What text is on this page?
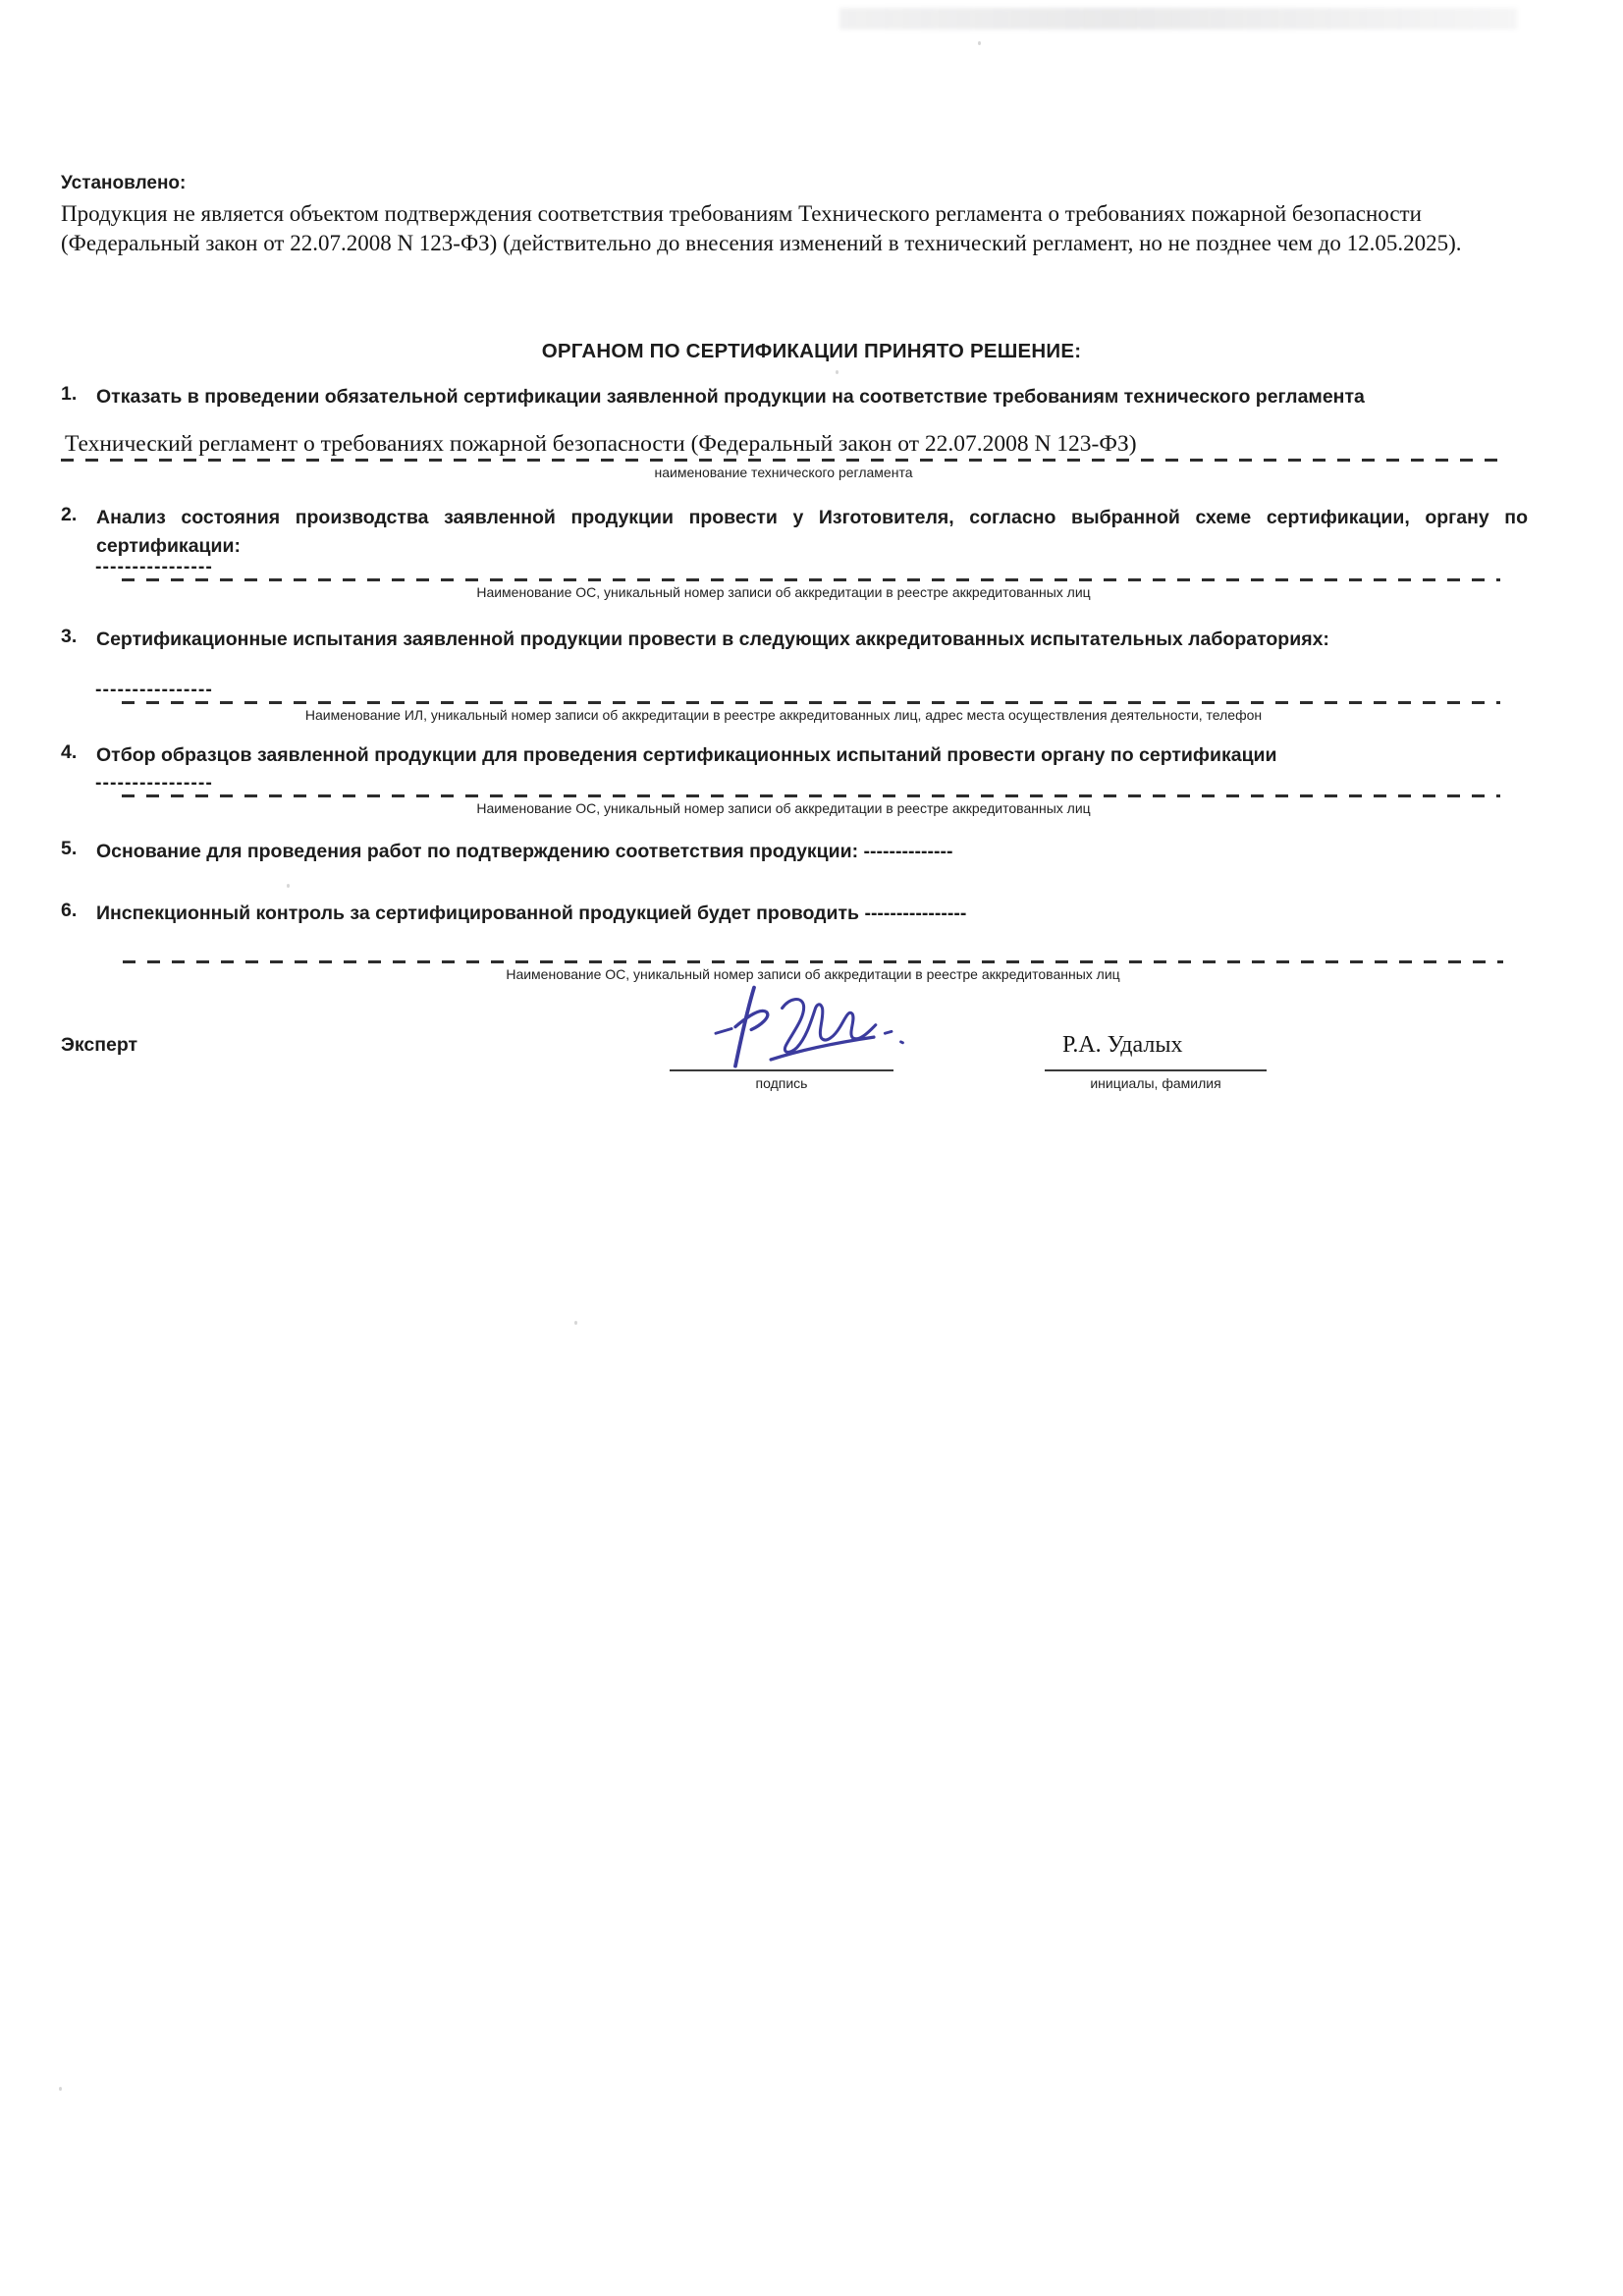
Установлено:
Продукция не является объектом подтверждения соответствия требованиям Технического регламента о требованиях пожарной безопасности (Федеральный закон от 22.07.2008 N 123-ФЗ) (действительно до внесения изменений в технический регламент, но не позднее чем до 12.05.2025).
ОРГАНОМ ПО СЕРТИФИКАЦИИ ПРИНЯТО РЕШЕНИЕ:
1.	Отказать в проведении обязательной сертификации заявленной продукции на соответствие требованиям технического регламента
Технический регламент о требованиях пожарной безопасности (Федеральный закон от 22.07.2008 N 123-ФЗ)
наименование технического регламента
2.	Анализ состояния производства заявленной продукции провести у Изготовителя, согласно выбранной схеме сертификации, органу по сертификации:
----------------
Наименование ОС, уникальный номер записи об аккредитации в реестре аккредитованных лиц
3.	Сертификационные испытания заявленной продукции провести в следующих аккредитованных испытательных лабораториях:
----------------
Наименование ИЛ, уникальный номер записи об аккредитации в реестре аккредитованных лиц, адрес места осуществления деятельности, телефон
4.	Отбор образцов заявленной продукции для проведения сертификационных испытаний провести органу по сертификации
----------------
Наименование ОС, уникальный номер записи об аккредитации в реестре аккредитованных лиц
5.	Основание для проведения работ по подтверждению соответствия продукции: --------------
6.	Инспекционный контроль за сертифицированной продукцией будет проводить ----------------
Наименование ОС, уникальный номер записи об аккредитации в реестре аккредитованных лиц
Эксперт
подпись
Р.А. Удалых
инициалы, фамилия
